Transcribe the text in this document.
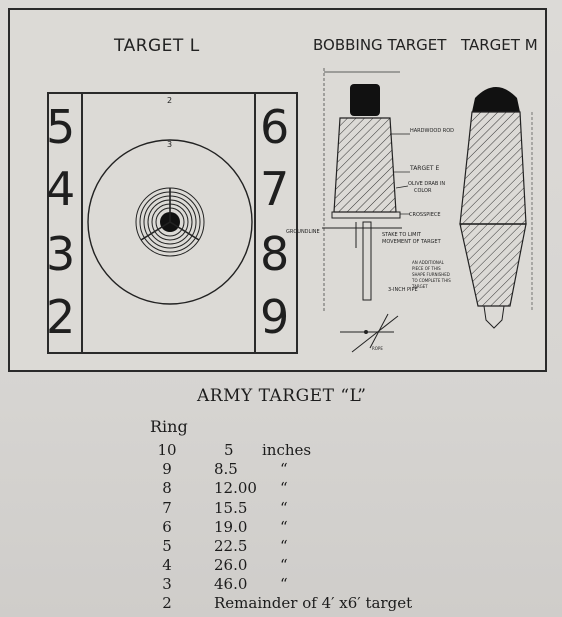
TARGET L	BOBBING TARGET TARGET M
5
4
3
2
6
7
8
9
2
3
HARDWOOD ROD
TARGET E
OLIVE DRAB IN
COLOR
CROSSPIECE
GROUNDLINE	STAKE TO LIMIT
MOVEMENT OF TARGET
3-INCH PIPE
AN ADDITIONAL
PIECE OF THIS
SHAPE FURNISHED
TO COMPLETE THIS
TARGET
ROPE
ARMY TARGET “L”
Ring
10	5	inches
9	8.5	“
8	12.00	“
7	15.5	“
6	19.0	“
5	22.5	“
4	26.0	“
3	46.0	“
2	Remainder of 4′ x6′ target
